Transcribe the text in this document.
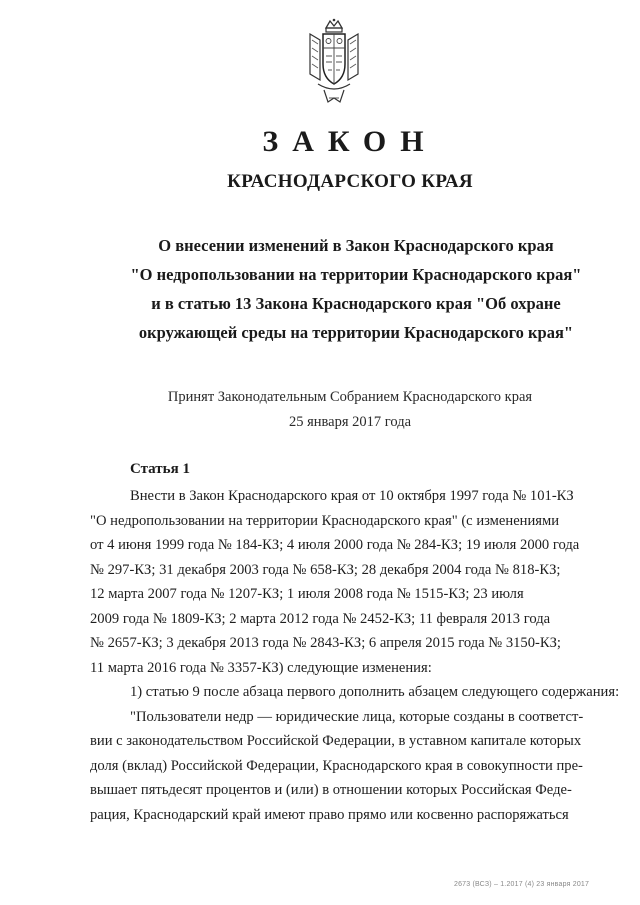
ЗАКОН
КРАСНОДАРСКОГО КРАЯ
О внесении изменений в Закон Краснодарского края
"О недропользовании на территории Краснодарского края"
и в статью 13 Закона Краснодарского края "Об охране
окружающей среды на территории Краснодарского края"
Принят Законодательным Собранием Краснодарского края
25 января 2017 года
Статья 1
Внести в Закон Краснодарского края от 10 октября 1997 года № 101-КЗ
"О недропользовании на территории Краснодарского края" (с изменениями
от 4 июня 1999 года № 184-КЗ; 4 июля 2000 года № 284-КЗ; 19 июля 2000 года
№ 297-КЗ; 31 декабря 2003 года № 658-КЗ; 28 декабря 2004 года № 818-КЗ;
12 марта 2007 года № 1207-КЗ; 1 июля 2008 года № 1515-КЗ; 23 июля
2009 года № 1809-КЗ; 2 марта 2012 года № 2452-КЗ; 11 февраля 2013 года
№ 2657-КЗ; 3 декабря 2013 года № 2843-КЗ; 6 апреля 2015 года № 3150-КЗ;
11 марта 2016 года № 3357-КЗ) следующие изменения:
1) статью 9 после абзаца первого дополнить абзацем следующего содержания:
"Пользователи недр — юридические лица, которые созданы в соответст-
вии с законодательством Российской Федерации, в уставном капитале которых
доля (вклад) Российской Федерации, Краснодарского края в совокупности пре-
вышает пятьдесят процентов и (или) в отношении которых Российская Феде-
рация, Краснодарский край имеют право прямо или косвенно распоряжаться
2673 (ВСЗ) – 1.2017 (4) 23 января 2017
